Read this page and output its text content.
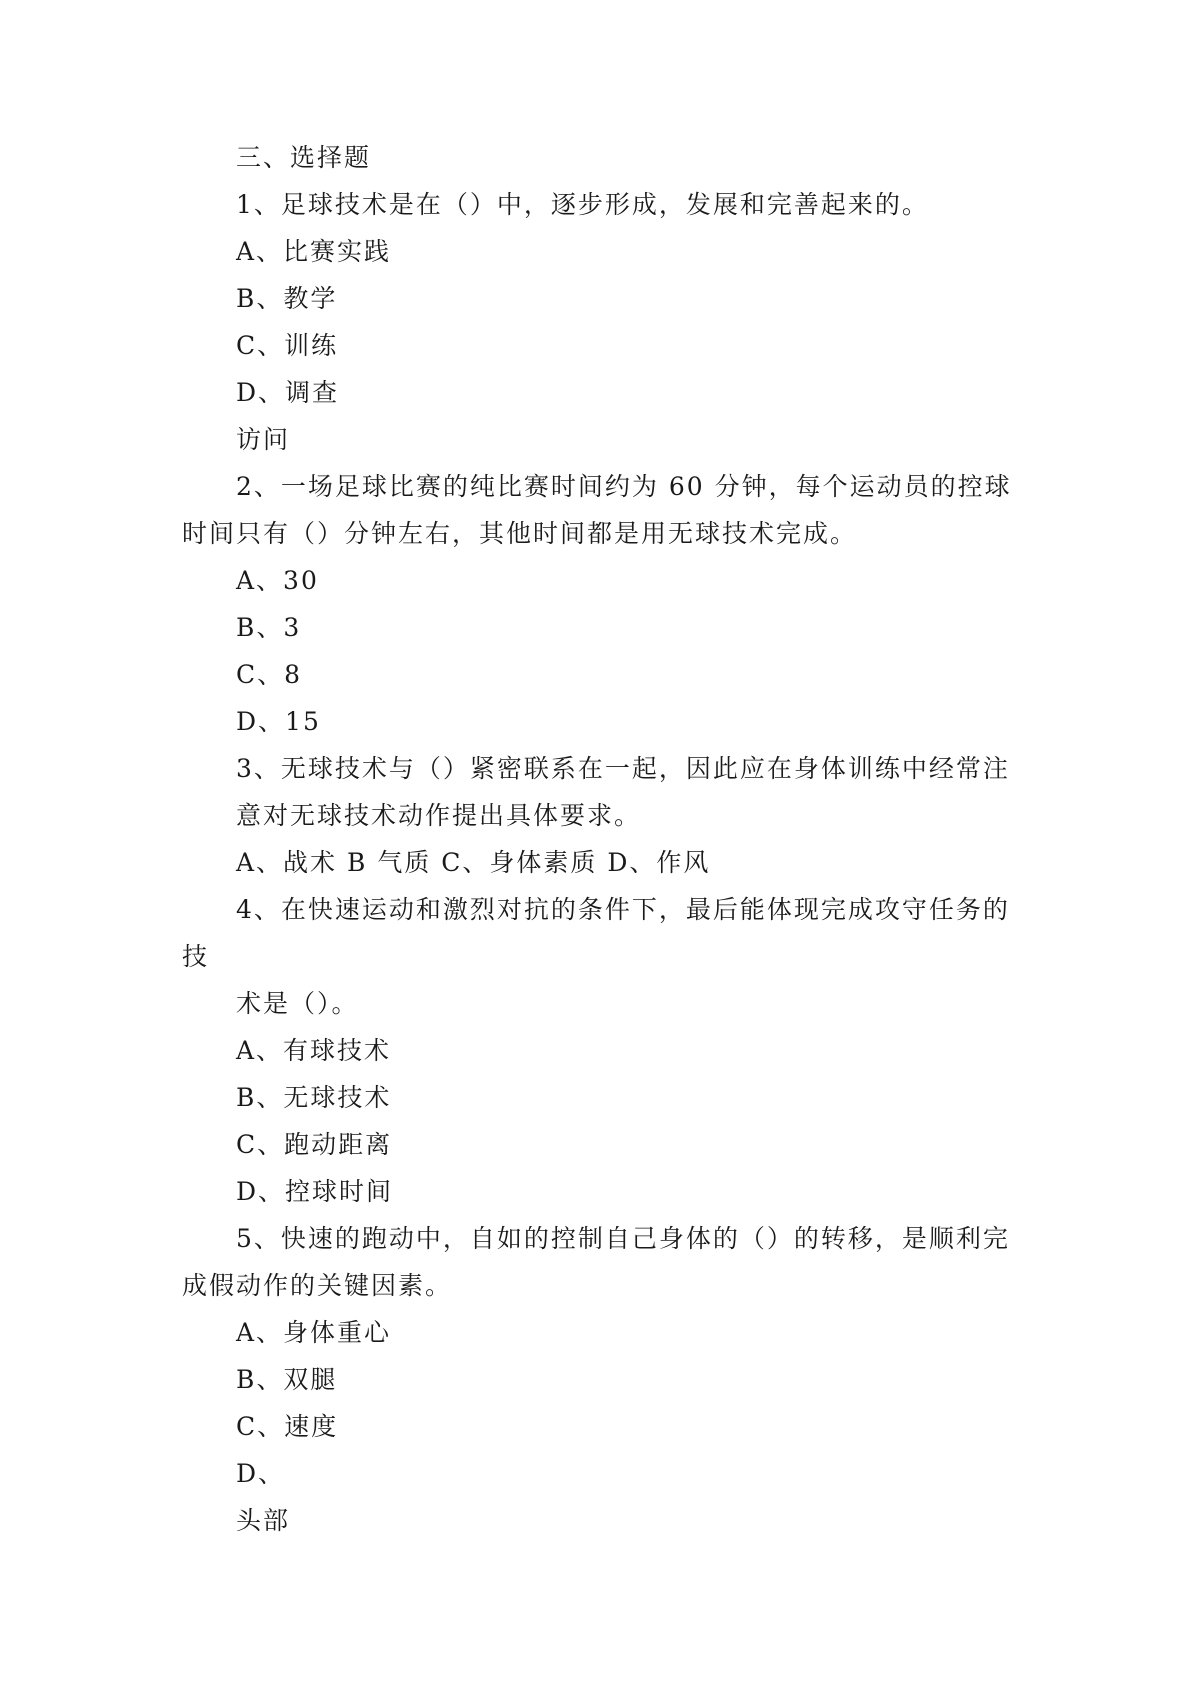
三、选择题
1、足球技术是在（）中，逐步形成，发展和完善起来的。
A、比赛实践
B、教学
C、训练
D、调查
访问
2、一场足球比赛的纯比赛时间约为 60 分钟，每个运动员的控球
时间只有（）分钟左右，其他时间都是用无球技术完成。
A、30
B、3
C、8
D、15
3、无球技术与（）紧密联系在一起，因此应在身体训练中经常注
意对无球技术动作提出具体要求。
A、战术 B 气质 C、身体素质 D、作风
4、在快速运动和激烈对抗的条件下，最后能体现完成攻守任务的
技
术是（）。
A、有球技术
B、无球技术
C、跑动距离
D、控球时间
5、快速的跑动中，自如的控制自己身体的（）的转移，是顺利完
成假动作的关键因素。
A、身体重心
B、双腿
C、速度
D、
头部
